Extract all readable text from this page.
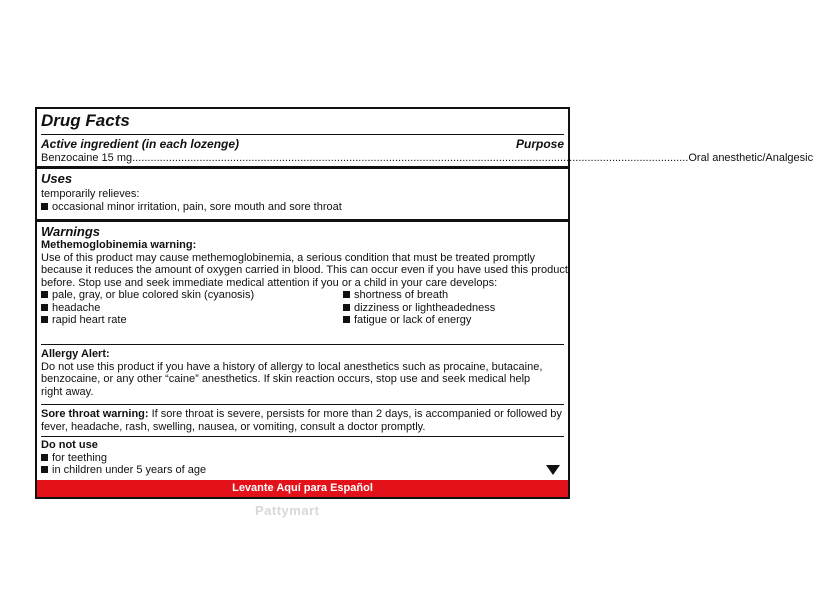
Drug Facts
Active ingredient (in each lozenge)	Purpose
Benzocaine 15 mg ...................................................................................................................................................................................... Oral anesthetic/Analgesic
Uses
temporarily relieves:
occasional minor irritation, pain, sore mouth and sore throat
Warnings
Methemoglobinemia warning:
Use of this product may cause methemoglobinemia, a serious condition that must be treated promptly
because it reduces the amount of oxygen carried in blood. This can occur even if you have used this product
before. Stop use and seek immediate medical attention if you or a child in your care develops:
pale, gray, or blue colored skin (cyanosis)
headache
rapid heart rate
shortness of breath
dizziness or lightheadedness
fatigue or lack of energy
Allergy Alert:
Do not use this product if you have a history of allergy to local anesthetics such as procaine, butacaine,
benzocaine, or any other “caine” anesthetics. If skin reaction occurs, stop use and seek medical help
right away.
Sore throat warning: If sore throat is severe, persists for more than 2 days, is accompanied or followed by
fever, headache, rash, swelling, nausea, or vomiting, consult a doctor promptly.
Do not use
for teething
in children under 5 years of age
Levante Aquí para Español
Pattymart
